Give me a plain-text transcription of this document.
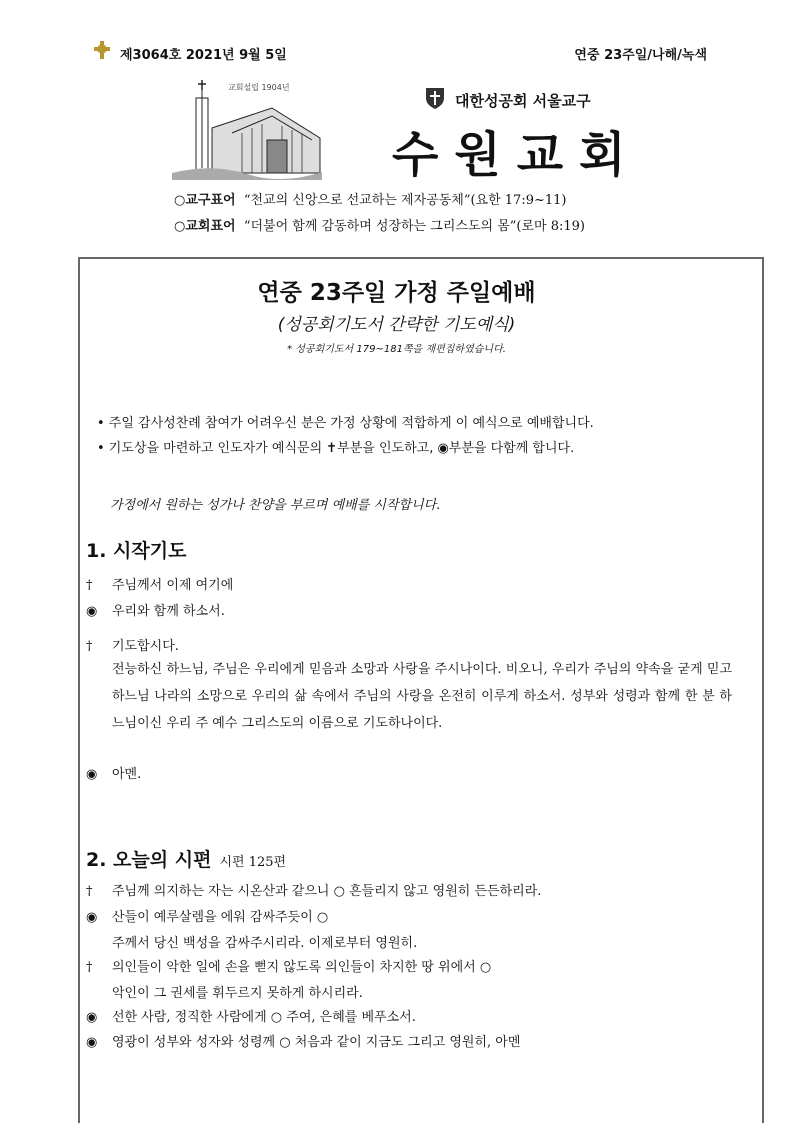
제3064호 2021년 9월 5일	연중 23주일/나해/녹색
교회설립 1904년
대한성공회 서울교구
수원교회
○교구표어 “천교의 신앙으로 선교하는 제자공동체”(요한 17:9~11)
○교회표어 “더불어 함께 감동하며 성장하는 그리스도의 몸”(로마 8:19)
연중 23주일 가정 주일예배
(성공회기도서 간략한 기도예식)
* 성공회기도서 179~181쪽을 재편집하였습니다.
• 주일 감사성찬례 참여가 어려우신 분은 가정 상황에 적합하게 이 예식으로 예배합니다.
• 기도상을 마련하고 인도자가 예식문의 ✝부분을 인도하고, ◉부분을 다함께 합니다.
가정에서 원하는 성가나 찬양을 부르며 예배를 시작합니다.
1. 시작기도
† 주님께서 이제 여기에
◉ 우리와 함께 하소서.
† 기도합시다.
전능하신 하느님, 주님은 우리에게 믿음과 소망과 사랑을 주시나이다. 비오니, 우리가 주님의 약속을 굳게 믿고 하느님 나라의 소망으로 우리의 삶 속에서 주님의 사랑을 온전히 이루게 하소서. 성부와 성령과 함께 한 분 하느님이신 우리 주 예수 그리스도의 이름으로 기도하나이다.
◉ 아멘.
2. 오늘의 시편 시편 125편
† 주님께 의지하는 자는 시온산과 같으니 ○ 흔들리지 않고 영원히 든든하리라.
◉ 산들이 예루살렘을 에워 감싸주듯이 ○
주께서 당신 백성을 감싸주시리라. 이제로부터 영원히.
† 의인들이 악한 일에 손을 뻗지 않도록 의인들이 차지한 땅 위에서 ○
악인이 그 권세를 휘두르지 못하게 하시리라.
◉ 선한 사람, 정직한 사람에게 ○ 주여, 은혜를 베푸소서.
◉ 영광이 성부와 성자와 성령께 ○ 처음과 같이 지금도 그리고 영원히, 아멘
